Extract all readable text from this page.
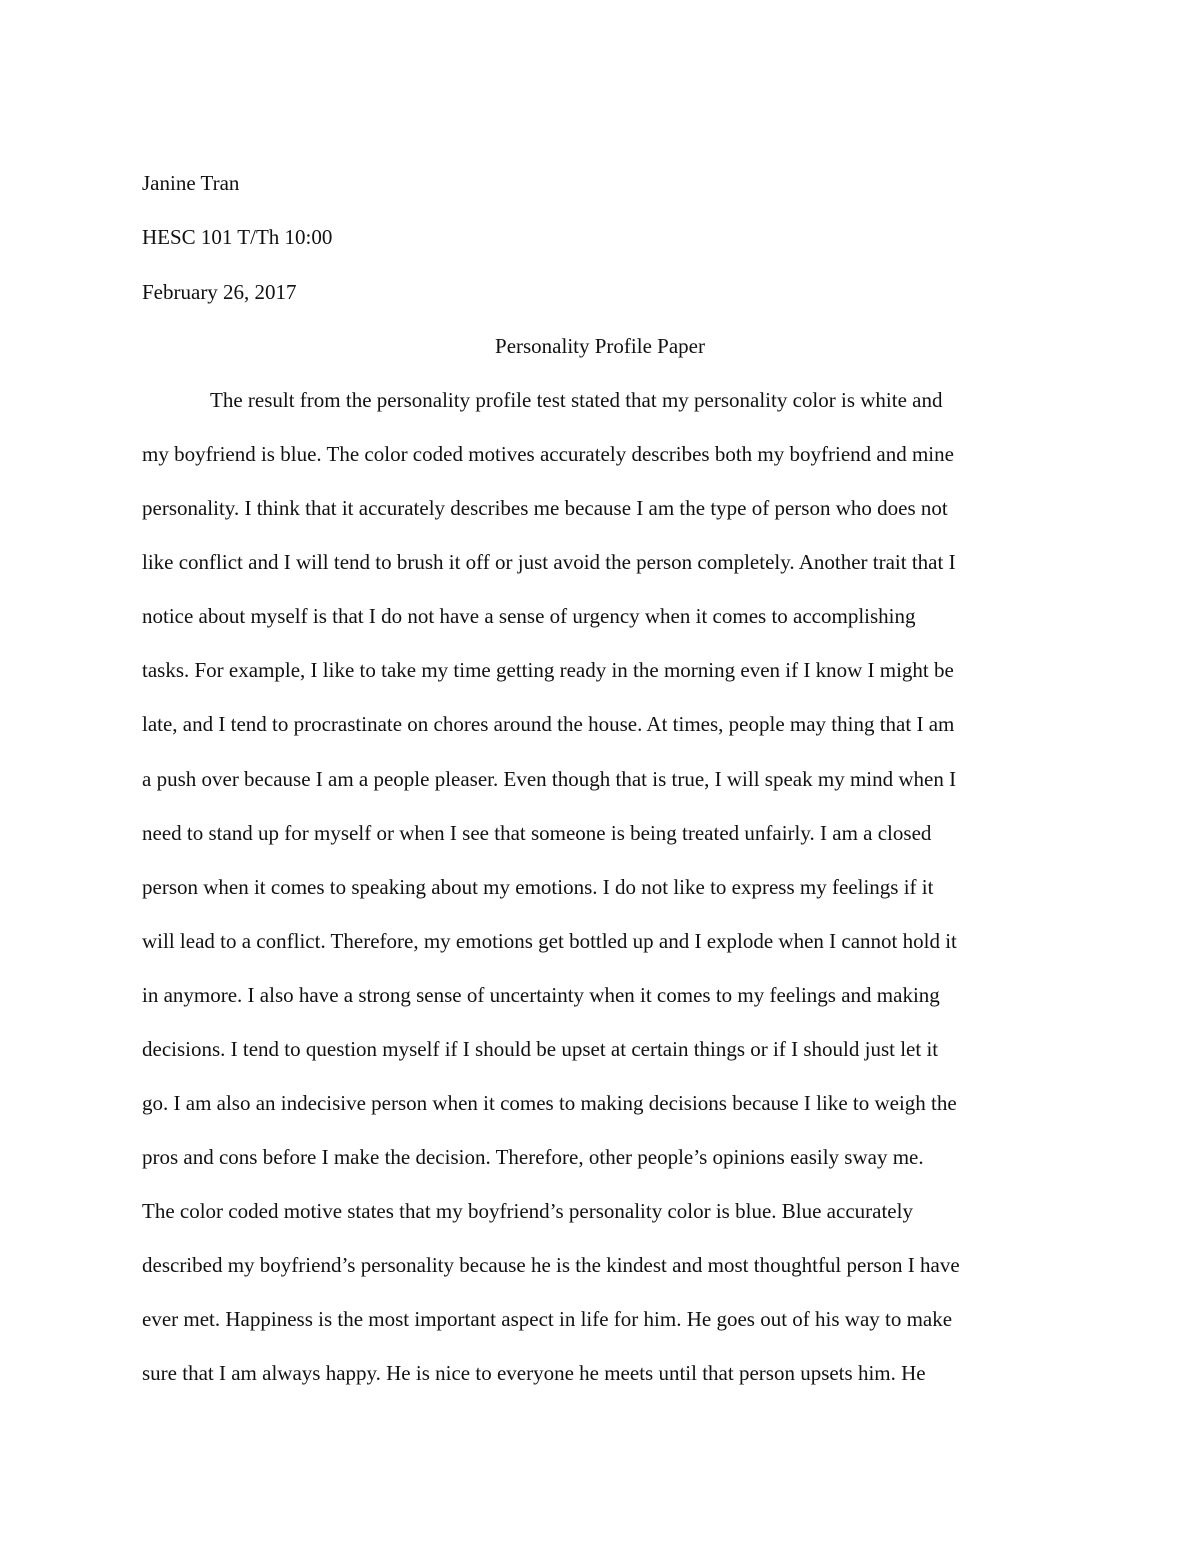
Janine Tran
HESC 101 T/Th 10:00
February 26, 2017
Personality Profile Paper
The result from the personality profile test stated that my personality color is white and
my boyfriend is blue. The color coded motives accurately describes both my boyfriend and mine
personality. I think that it accurately describes me because I am the type of person who does not
like conflict and I will tend to brush it off or just avoid the person completely. Another trait that I
notice about myself is that I do not have a sense of urgency when it comes to accomplishing
tasks. For example, I like to take my time getting ready in the morning even if I know I might be
late, and I tend to procrastinate on chores around the house. At times, people may thing that I am
a push over because I am a people pleaser. Even though that is true, I will speak my mind when I
need to stand up for myself or when I see that someone is being treated unfairly. I am a closed
person when it comes to speaking about my emotions. I do not like to express my feelings if it
will lead to a conflict. Therefore, my emotions get bottled up and I explode when I cannot hold it
in anymore. I also have a strong sense of uncertainty when it comes to my feelings and making
decisions. I tend to question myself if I should be upset at certain things or if I should just let it
go. I am also an indecisive person when it comes to making decisions because I like to weigh the
pros and cons before I make the decision. Therefore, other people’s opinions easily sway me.
The color coded motive states that my boyfriend’s personality color is blue. Blue accurately
described my boyfriend’s personality because he is the kindest and most thoughtful person I have
ever met. Happiness is the most important aspect in life for him. He goes out of his way to make
sure that I am always happy. He is nice to everyone he meets until that person upsets him. He
